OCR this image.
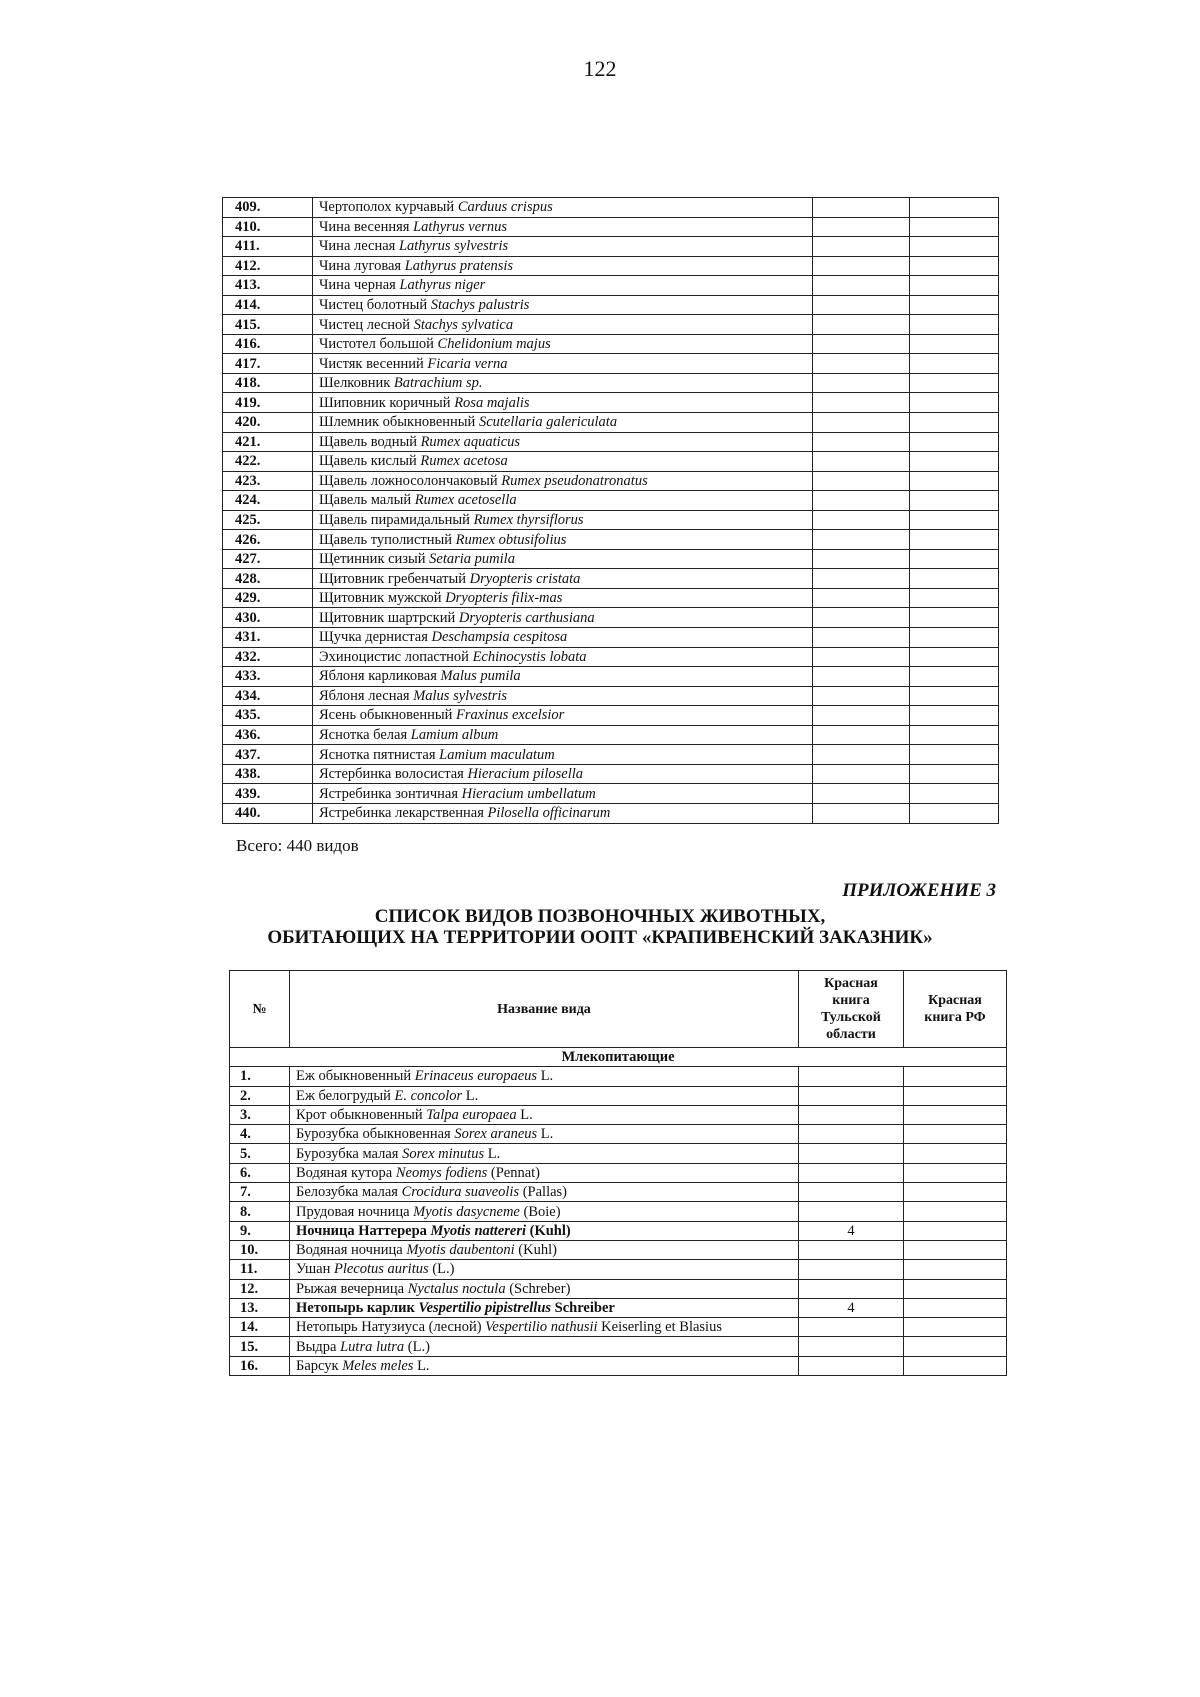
122
409.	Чертополох курчавый Carduus crispus		
410.	Чина весенняя Lathyrus vernus		
411.	Чина лесная Lathyrus sylvestris		
412.	Чина луговая Lathyrus pratensis		
413.	Чина черная Lathyrus niger		
414.	Чистец болотный Stachys palustris		
415.	Чистец лесной Stachys sylvatica		
416.	Чистотел большой Chelidonium majus		
417.	Чистяк весенний Ficaria verna		
418.	Шелковник Batrachium sp.		
419.	Шиповник коричный Rosa majalis		
420.	Шлемник обыкновенный Scutellaria galericulata		
421.	Щавель водный Rumex aquaticus		
422.	Щавель кислый Rumex acetosa		
423.	Щавель ложносолончаковый Rumex pseudonatronatus		
424.	Щавель малый Rumex acetosella		
425.	Щавель пирамидальный Rumex thyrsiflorus		
426.	Щавель туполистный Rumex obtusifolius		
427.	Щетинник сизый Setaria pumila		
428.	Щитовник гребенчатый Dryopteris cristata		
429.	Щитовник мужской Dryopteris filix-mas		
430.	Щитовник шартрский Dryopteris carthusiana		
431.	Щучка дернистая Deschampsia cespitosa		
432.	Эхиноцистис лопастной Echinocystis lobata		
433.	Яблоня карликовая Malus pumila		
434.	Яблоня лесная Malus sylvestris		
435.	Ясень обыкновенный Fraxinus excelsior		
436.	Яснотка белая Lamium album		
437.	Яснотка пятнистая Lamium maculatum		
438.	Ястербинка волосистая Hieracium pilosella		
439.	Ястребинка зонтичная Hieracium umbellatum		
440.	Ястребинка лекарственная Pilosella officinarum		
Всего: 440 видов
ПРИЛОЖЕНИЕ 3
СПИСОК ВИДОВ ПОЗВОНОЧНЫХ ЖИВОТНЫХ,
ОБИТАЮЩИХ НА ТЕРРИТОРИИ ООПТ «КРАПИВЕНСКИЙ ЗАКАЗНИК»
№	Название вида	Красная книга Тульской области	Красная книга РФ
Млекопитающие			
1.	Еж обыкновенный Erinaceus europaeus L.		
2.	Еж белогрудый E. concolor L.		
3.	Крот обыкновенный Talpa europaea L.		
4.	Бурозубка обыкновенная Sorex araneus L.		
5.	Бурозубка малая Sorex minutus L.		
6.	Водяная кутора Neomys fodiens (Pennat)		
7.	Белозубка малая Crocidura suaveolis (Pallas)		
8.	Прудовая ночница Myotis dasycneme (Boie)		
9.	Ночница Наттерера Myotis nattereri (Kuhl)	4	
10.	Водяная ночница Myotis daubentoni (Kuhl)		
11.	Ушан Plecotus auritus (L.)		
12.	Рыжая вечерница Nyctalus noctula (Schreber)		
13.	Нетопырь карлик Vespertilio pipistrellus Schreiber	4	
14.	Нетопырь Натузиуса (лесной) Vespertilio nathusii Keiserling et Blasius		
15.	Выдра Lutra lutra (L.)		
16.	Барсук Meles meles L.		
